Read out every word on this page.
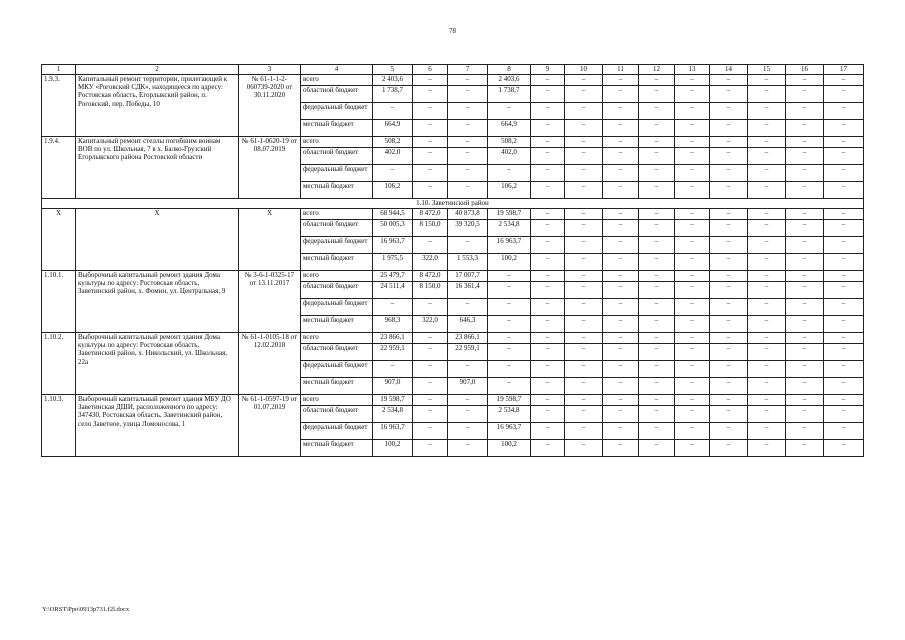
78
1	2	3	4	5	6	7	8	9	10	11	12	13	14	15	16	17
1.9.3.	Капитальный ремонт территории, прилегающей к МКУ «Роговский СДК», находящееся по адресу: Ростовская область, Егорлыкский район, п. Роговский, пер. Победы, 10	№ 61-1-1-2-060739-2020 от 30.11.2020	всего	2 403,6	–	–	2 403,6	–	–	–	–	–	–	–	–	–
			областной бюджет	1 738,7	–	–	1 738,7	–	–	–	–	–	–	–	–	–
			федеральный бюджет	–	–	–	–	–	–	–	–	–	–	–	–	–
			местный бюджет	664,9	–	–	664,9	–	–	–	–	–	–	–	–	–
1.9.4.	Капитальный ремонт стеллы погибшим воинам ВОВ по ул. Школьная, 7 в х. Балко-Грузский Егорлыкского района Ростовской области	№ 61-1-0620-19 от 08.07.2019	всего	508,2	–	–	508,2	–	–	–	–	–	–	–	–	–
			областной бюджет	402,0	–	–	402,0	–	–	–	–	–	–	–	–	–
			федеральный бюджет	–	–	–	–	–	–	–	–	–	–	–	–	–
			местный бюджет	106,2	–	–	106,2	–	–	–	–	–	–	–	–	–
1.10. Заветинский район																
Х	Х	Х	всего	68 944,5	8 472,0	40 873,8	19 598,7	–	–	–	–	–	–	–	–	–
			областной бюджет	50 005,3	8 150,0	39 320,5	2 534,8	–	–	–	–	–	–	–	–	–
			федеральный бюджет	16 963,7	–	–	16 963,7	–	–	–	–	–	–	–	–	–
			местный бюджет	1 975,5	322,0	1 553,3	100,2	–	–	–	–	–	–	–	–	–
1.10.1.	Выборочный капитальный ремонт здания Дома культуры по адресу: Ростовская область, Заветинский район, х. Фомин, ул. Центральная, 9	№ 3-6-1-0325-17 от 13.11.2017	всего	25 479,7	8 472,0	17 007,7	–	–	–	–	–	–	–	–	–	–
			областной бюджет	24 511,4	8 150,0	16 361,4	–	–	–	–	–	–	–	–	–	–
			федеральный бюджет	–	–	–	–	–	–	–	–	–	–	–	–	–
			местный бюджет	968,3	322,0	646,3	–	–	–	–	–	–	–	–	–	–
1.10.2.	Выборочный капитальный ремонт здания Дома культуры по адресу: Ростовская область, Заветинский район, х. Никольский, ул. Школьная, 22а	№ 61-1-0105-18 от 12.02.2018	всего	23 866,1	–	23 866,1	–	–	–	–	–	–	–	–	–	–
			областной бюджет	22 959,1	–	22 959,1	–	–	–	–	–	–	–	–	–	–
			федеральный бюджет	–	–	–	–	–	–	–	–	–	–	–	–	–
			местный бюджет	907,0	–	907,0	–	–	–	–	–	–	–	–	–	–
1.10.3.	Выборочный капитальный ремонт здания МБУ ДО Заветинская ДШИ, расположенного по адресу: 347430, Ростовская область, Заветинский район, село Заветное, улица Ломоносова, 1	№ 61-1-0597-19 от 01.07.2019	всего	19 598,7	–	–	19 598,7	–	–	–	–	–	–	–	–	–
			областной бюджет	2 534,8	–	–	2 534,8	–	–	–	–	–	–	–	–	–
			федеральный бюджет	16 963,7	–	–	16 963,7	–	–	–	–	–	–	–	–	–
			местный бюджет	100,2	–	–	100,2	–	–	–	–	–	–	–	–	–
Y:\ORST\Ppo\0913p731.f2l.docx
